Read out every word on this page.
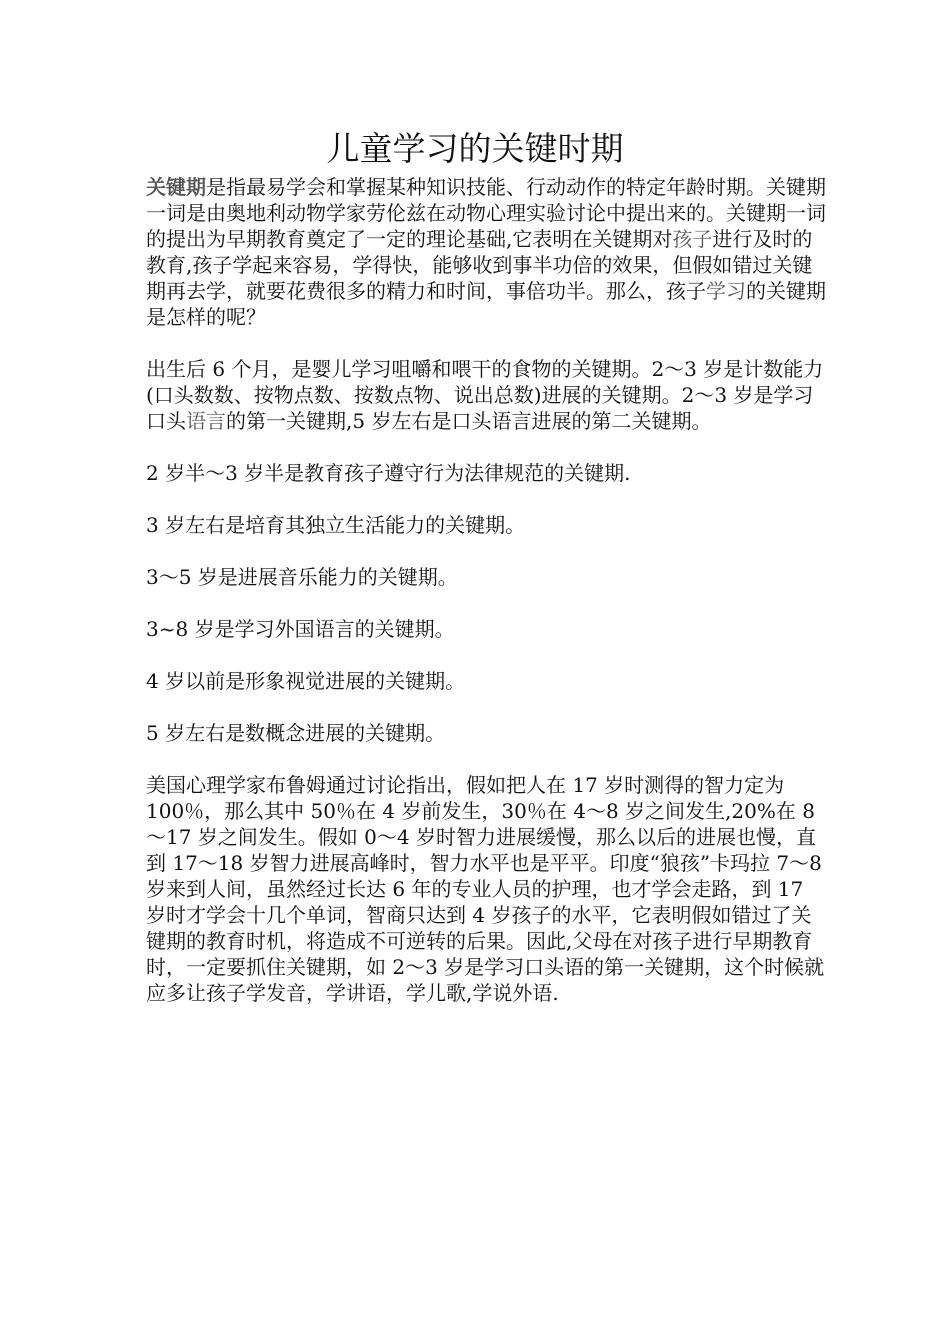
儿童学习的关键时期

关键期是指最易学会和掌握某种知识技能、行动动作的特定年龄时期。关键期一词是由奥地利动物学家劳伦兹在动物心理实验讨论中提出来的。关键期一词的提出为早期教育奠定了一定的理论基础,它表明在关键期对孩子进行及时的教育,孩子学起来容易，学得快，能够收到事半功倍的效果，但假如错过关键期再去学，就要花费很多的精力和时间，事倍功半。那么，孩子学习的关键期是怎样的呢？

出生后 6 个月，是婴儿学习咀嚼和喂干的食物的关键期。2～3 岁是计数能力(口头数数、按物点数、按数点物、说出总数)进展的关键期。2～3 岁是学习口头语言的第一关键期,5 岁左右是口头语言进展的第二关键期。

2 岁半～3 岁半是教育孩子遵守行为法律规范的关键期.

3 岁左右是培育其独立生活能力的关键期。

3～5 岁是进展音乐能力的关键期。

3~8 岁是学习外国语言的关键期。

4 岁以前是形象视觉进展的关键期。

5 岁左右是数概念进展的关键期。

美国心理学家布鲁姆通过讨论指出，假如把人在 17 岁时测得的智力定为 100％，那么其中 50％在 4 岁前发生，30％在 4～8 岁之间发生,20%在 8～17 岁之间发生。假如 0～4 岁时智力进展缓慢，那么以后的进展也慢，直到 17～18 岁智力进展高峰时，智力水平也是平平。印度“狼孩”卡玛拉 7～8 岁来到人间，虽然经过长达 6 年的专业人员的护理，也才学会走路，到 17 岁时才学会十几个单词，智商只达到 4 岁孩子的水平，它表明假如错过了关键期的教育时机，将造成不可逆转的后果。因此,父母在对孩子进行早期教育时，一定要抓住关键期，如 2～3 岁是学习口头语的第一关键期，这个时候就应多让孩子学发音，学讲语，学儿歌,学说外语.
